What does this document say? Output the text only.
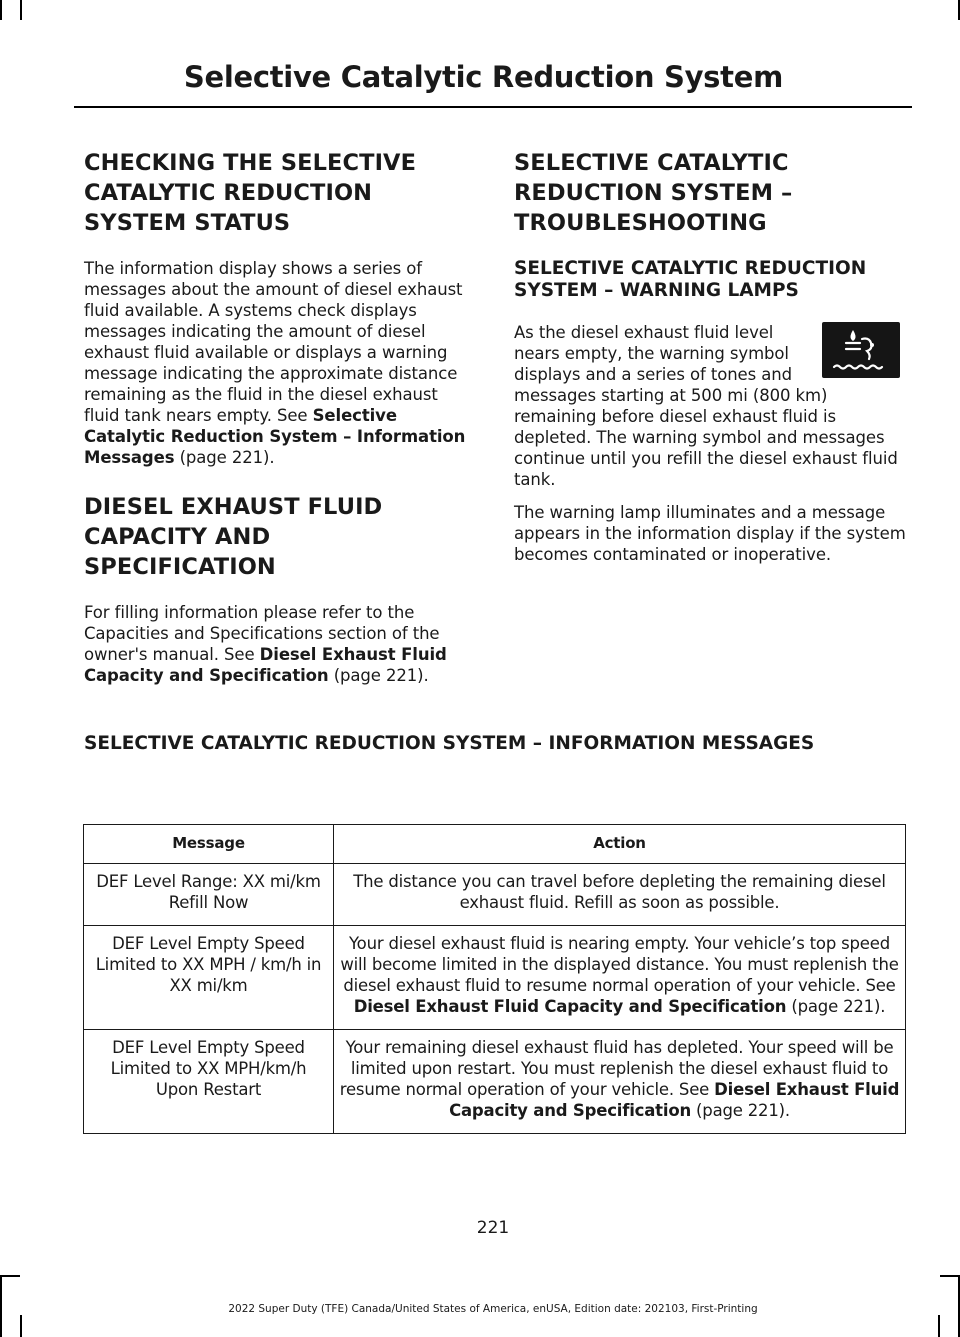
Selective Catalytic Reduction System
CHECKING THE SELECTIVE
CATALYTIC REDUCTION
SYSTEM STATUS

The information display shows a series of messages about the amount of diesel exhaust fluid available. A systems check displays messages indicating the amount of diesel exhaust fluid available or displays a warning message indicating the approximate distance remaining as the fluid in the diesel exhaust fluid tank nears empty. See Selective Catalytic Reduction System – Information Messages (page 221).

DIESEL EXHAUST FLUID
CAPACITY AND
SPECIFICATION

For filling information please refer to the Capacities and Specifications section of the owner's manual. See Diesel Exhaust Fluid Capacity and Specification (page 221).

SELECTIVE CATALYTIC
REDUCTION SYSTEM –
TROUBLESHOOTING
SELECTIVE CATALYTIC REDUCTION SYSTEM – WARNING LAMPS

As the diesel exhaust fluid level nears empty, the warning symbol displays and a series of tones and messages starting at 500 mi (800 km) remaining before diesel exhaust fluid is depleted. The warning symbol and messages continue until you refill the diesel exhaust fluid tank.

The warning lamp illuminates and a message appears in the information display if the system becomes contaminated or inoperative.

SELECTIVE CATALYTIC REDUCTION SYSTEM – INFORMATION MESSAGES
Message	Action
DEF Level Range: XX mi/km Refill Now	The distance you can travel before depleting the remaining diesel exhaust fluid. Refill as soon as possible.
DEF Level Empty Speed Limited to XX MPH / km/h in XX mi/km	Your diesel exhaust fluid is nearing empty. Your vehicle’s top speed will become limited in the displayed distance. You must replenish the diesel exhaust fluid to resume normal operation of your vehicle. See Diesel Exhaust Fluid Capacity and Specification (page 221).
DEF Level Empty Speed Limited to XX MPH/km/h Upon Restart	Your remaining diesel exhaust fluid has depleted. Your speed will be limited upon restart. You must replenish the diesel exhaust fluid to resume normal operation of your vehicle. See Diesel Exhaust Fluid Capacity and Specification (page 221).
221
2022 Super Duty (TFE) Canada/United States of America, enUSA, Edition date: 202103, First-Printing
